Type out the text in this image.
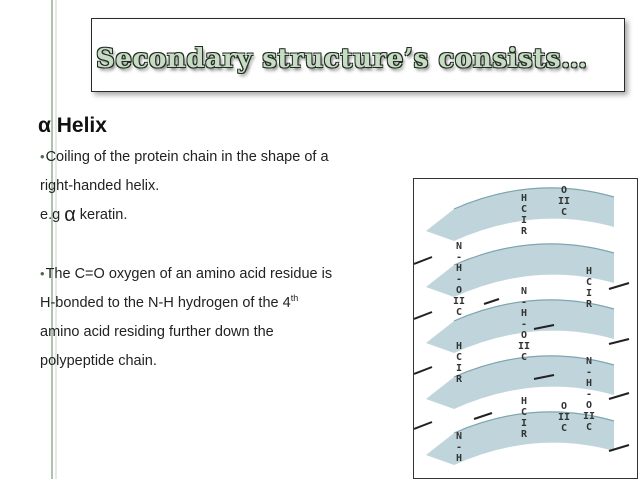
Secondary structure’s consists…
α Helix
•Coiling of the protein chain in the shape of a
right-handed helix.
e.g α keratin.

•The C=O oxygen of an amino acid residue is
H-bonded to the N-H hydrogen of the 4th
amino acid residing further down the
polypeptide chain.
H
C
I
R
O
II
C
N
-
H
-
O
II
C
H
C
I
R
N
-
H
-
O
II
C
H
C
I
R
N
-
H
-
O
II
C
H
C
I
R
O
II
C
N
-
H
